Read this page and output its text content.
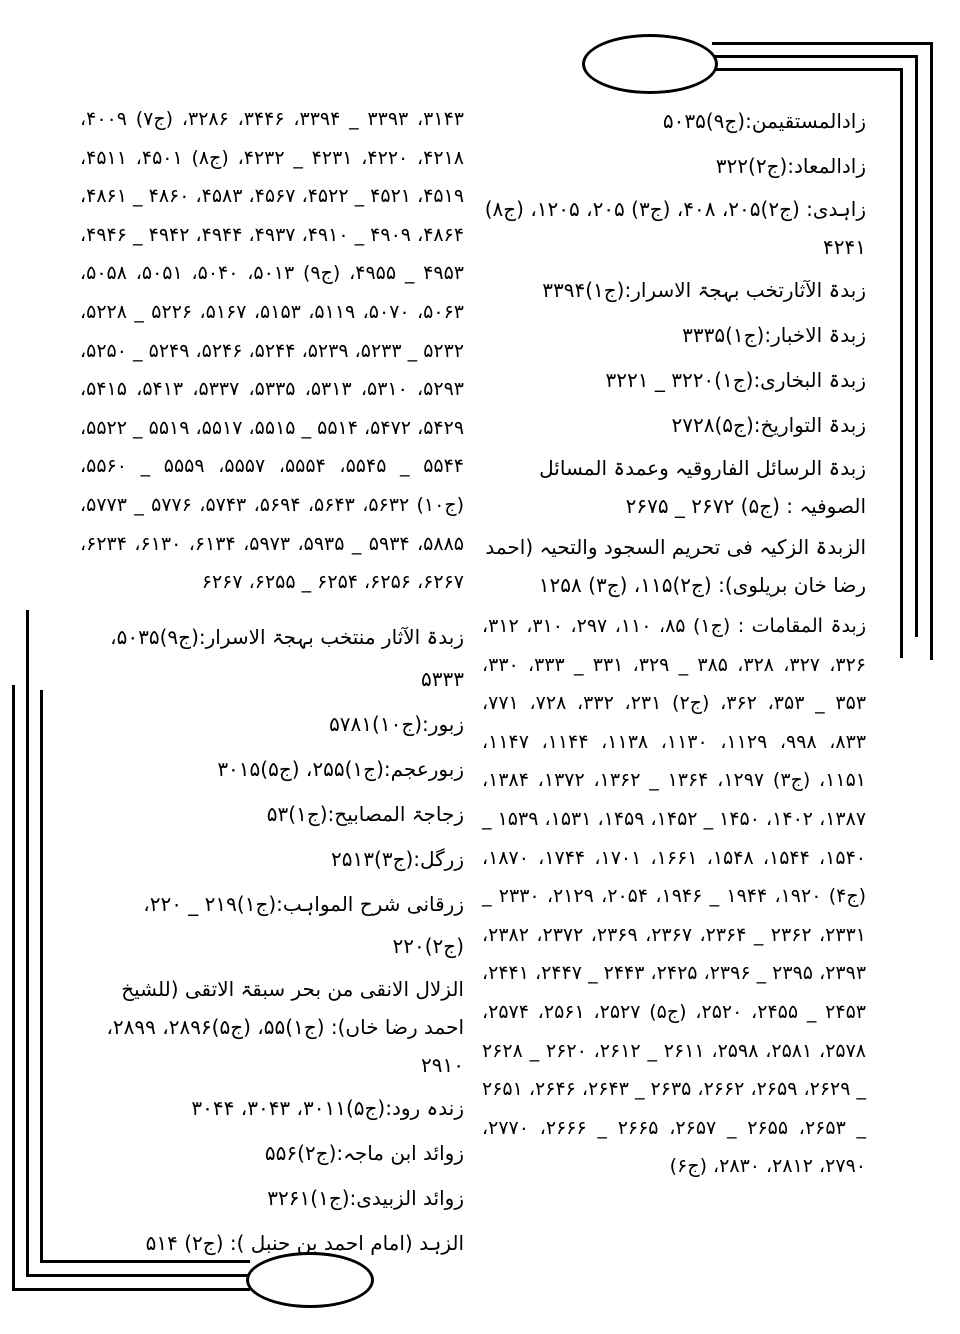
زادالمستقیمن:(ج۹)۵۰۳۵
زادالمعاد:(ج۲)۳۲۲
زاہدی: (ج۲)۲۰۵، ۴۰۸، (ج۳) ۲۰۵، ۱۲۰۵، (ج۸) ۴۲۴۱
زبدۃ الآثارتخب بہجۃ الاسرار:(ج۱)۳۳۹۴
زبدۃ الاخبار:(ج۱)۳۳۳۵
زبدۃ البخاری:(ج۱)۳۲۲۰ _ ۳۲۲۱
زبدۃ التواریخ:(ج۵)۲۷۲۸
زبدۃ الرسائل الفاروقیہ وعمدۃ المسائل الصوفیہ : (ج۵) ۲۶۷۲ _ ۲۶۷۵
الزبدۃ الزکیہ فی تحریم السجود والتحیہ (احمد رضا خان بریلوی): (ج۲)۱۱۵، (ج۳) ۱۲۵۸
زبدۃ المقامات : (ج۱) ۸۵، ۱۱۰، ۲۹۷، ۳۱۰، ۳۱۲، ۳۲۶، ۳۲۷، ۳۲۸، ۳۸۵ _ ۳۲۹، ۳۳۱ _ ۳۳۳، ۳۳۰، ۳۵۳ _ ۳۵۳، ۳۶۲، (ج۲) ۲۳۱، ۳۳۲، ۷۲۸، ۷۷۱، ۸۳۳، ۹۹۸، ۱۱۲۹، ۱۱۳۰، ۱۱۳۸، ۱۱۴۴، ۱۱۴۷، ۱۱۵۱، (ج۳) ۱۲۹۷، ۱۳۶۴ _ ۱۳۶۲، ۱۳۷۲، ۱۳۸۴، ۱۳۸۷، ۱۴۰۲، ۱۴۵۰ _ ۱۴۵۲، ۱۴۵۹، ۱۵۳۱، ۱۵۳۹ _ ۱۵۴۰، ۱۵۴۴، ۱۵۴۸، ۱۶۶۱، ۱۷۰۱، ۱۷۴۴، ۱۸۷۰، (ج۴) ۱۹۲۰، ۱۹۴۴ _ ۱۹۴۶، ۲۰۵۴، ۲۱۲۹، ۲۳۳۰ _ ۲۳۳۱، ۲۳۶۲ _ ۲۳۶۴، ۲۳۶۷، ۲۳۶۹، ۲۳۷۲، ۲۳۸۲، ۲۳۹۳، ۲۳۹۵ _ ۲۳۹۶، ۲۴۲۵، ۲۴۴۳ _ ۲۴۴۷، ۲۴۴۱، ۲۴۵۳ _ ۲۴۵۵، ۲۵۲۰، (ج۵) ۲۵۲۷، ۲۵۶۱، ۲۵۷۴، ۲۵۷۸، ۲۵۸۱، ۲۵۹۸، ۲۶۱۱ _ ۲۶۱۲، ۲۶۲۰ _ ۲۶۲۸ _ ۲۶۲۹، ۲۶۵۹، ۲۶۶۲، ۲۶۳۵ _ ۲۶۴۳، ۲۶۴۶، ۲۶۵۱ _ ۲۶۵۳، ۲۶۵۵ _ ۲۶۵۷، ۲۶۶۵ _ ۲۶۶۶، ۲۷۷۰، ۲۷۹۰، ۲۸۱۲، ۲۸۳۰، (ج۶)
۳۱۴۳، ۳۳۹۳ _ ۳۳۹۴، ۳۴۴۶، ۳۲۸۶، (ج۷) ۴۰۰۹، ۴۲۱۸، ۴۲۲۰، ۴۲۳۱ _ ۴۲۳۲، (ج۸) ۴۵۰۱، ۴۵۱۱، ۴۵۱۹، ۴۵۲۱ _ ۴۵۲۲، ۴۵۶۷، ۴۵۸۳، ۴۸۶۰ _ ۴۸۶۱، ۴۸۶۴، ۴۹۰۹ _ ۴۹۱۰، ۴۹۳۷، ۴۹۴۴، ۴۹۴۲ _ ۴۹۴۶، ۴۹۵۳ _ ۴۹۵۵، (ج۹) ۵۰۱۳، ۵۰۴۰، ۵۰۵۱، ۵۰۵۸، ۵۰۶۳، ۵۰۷۰، ۵۱۱۹، ۵۱۵۳، ۵۱۶۷، ۵۲۲۶ _ ۵۲۲۸، ۵۲۳۲ _ ۵۲۳۳، ۵۲۳۹، ۵۲۴۴، ۵۲۴۶، ۵۲۴۹ _ ۵۲۵۰، ۵۲۹۳، ۵۳۱۰، ۵۳۱۳، ۵۳۳۵، ۵۳۳۷، ۵۴۱۳، ۵۴۱۵، ۵۴۲۹، ۵۴۷۲، ۵۵۱۴ _ ۵۵۱۵، ۵۵۱۷، ۵۵۱۹ _ ۵۵۲۲، ۵۵۴۴ _ ۵۵۴۵، ۵۵۵۴، ۵۵۵۷، ۵۵۵۹ _ ۵۵۶۰، (ج۱۰) ۵۶۳۲، ۵۶۴۳، ۵۶۹۴، ۵۷۴۳، ۵۷۷۶ _ ۵۷۷۳، ۵۸۸۵، ۵۹۳۴ _ ۵۹۳۵، ۵۹۷۳، ۶۱۳۴، ۶۱۳۰، ۶۲۳۴، ۶۲۶۷، ۶۲۵۶، ۶۲۵۴ _ ۶۲۵۵، ۶۲۶۷
زبدۃ الآثار منتخب بہجۃ الاسرار:(ج۹)۵۰۳۵، ۵۳۳۳
زبور:(ج۱۰)۵۷۸۱
زبورعجم:(ج۱)۲۵۵، (ج۵)۳۰۱۵
زجاجۃ المصابیح:(ج۱)۵۳
زرگل:(ج۳)۲۵۱۳
زرقانی شرح المواہب:(ج۱)۲۱۹ _ ۲۲۰، (ج۲)۲۲۰
الزلال الانقی من بحر سبقۃ الاتقی (للشیخ احمد رضا خاں): (ج۱)۵۵، (ج۵)۲۸۹۶، ۲۸۹۹، ۲۹۱۰
زندہ رود:(ج۵)۳۰۱۱، ۳۰۴۳، ۳۰۴۴
زوائد ابن ماجہ:(ج۲)۵۵۶
زوائد الزبیدی:(ج۱)۳۲۶۱
الزہد (امام احمد بن حنبل ): (ج۲) ۵۱۴
